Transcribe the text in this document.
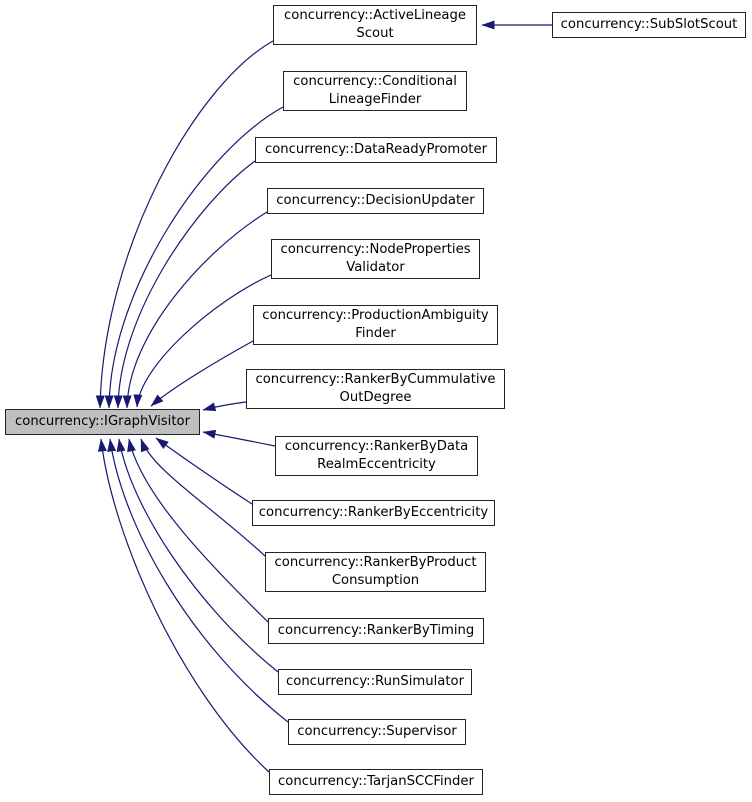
concurrency::IGraphVisitor
concurrency::ActiveLineage
Scout
concurrency::SubSlotScout
concurrency::Conditional
LineageFinder
concurrency::DataReadyPromoter
concurrency::DecisionUpdater
concurrency::NodeProperties
Validator
concurrency::ProductionAmbiguity
Finder
concurrency::RankerByCummulative
OutDegree
concurrency::RankerByData
RealmEccentricity
concurrency::RankerByEccentricity
concurrency::RankerByProduct
Consumption
concurrency::RankerByTiming
concurrency::RunSimulator
concurrency::Supervisor
concurrency::TarjanSCCFinder
